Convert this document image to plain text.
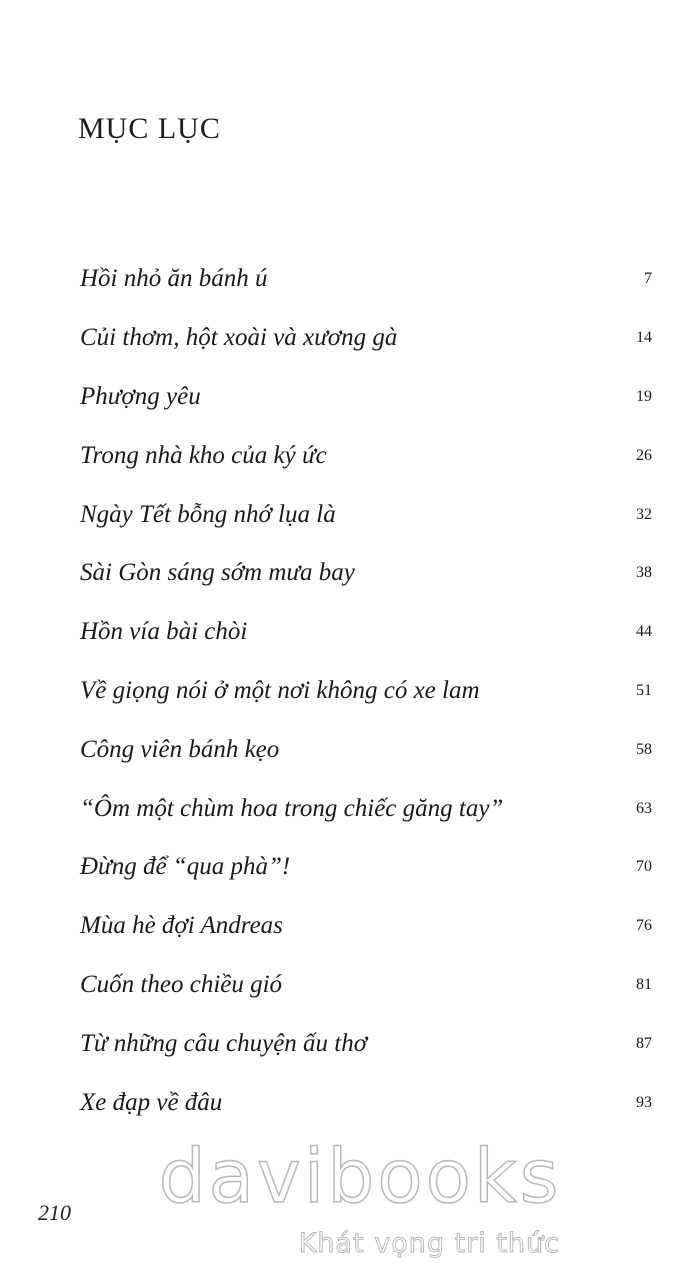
MỤC LỤC
Hồi nhỏ ăn bánh ú	7
Củi thơm, hột xoài và xương gà	14
Phượng yêu	19
Trong nhà kho của ký ức	26
Ngày Tết bỗng nhớ lụa là	32
Sài Gòn sáng sớm mưa bay	38
Hồn vía bài chòi	44
Về giọng nói ở một nơi không có xe lam	51
Công viên bánh kẹo	58
“Ôm một chùm hoa trong chiếc găng tay”	63
Đừng để “qua phà”!	70
Mùa hè đợi Andreas	76
Cuốn theo chiều gió	81
Từ những câu chuyện ấu thơ	87
Xe đạp về đâu	93
210 davibooks
Khát vọng tri thức
